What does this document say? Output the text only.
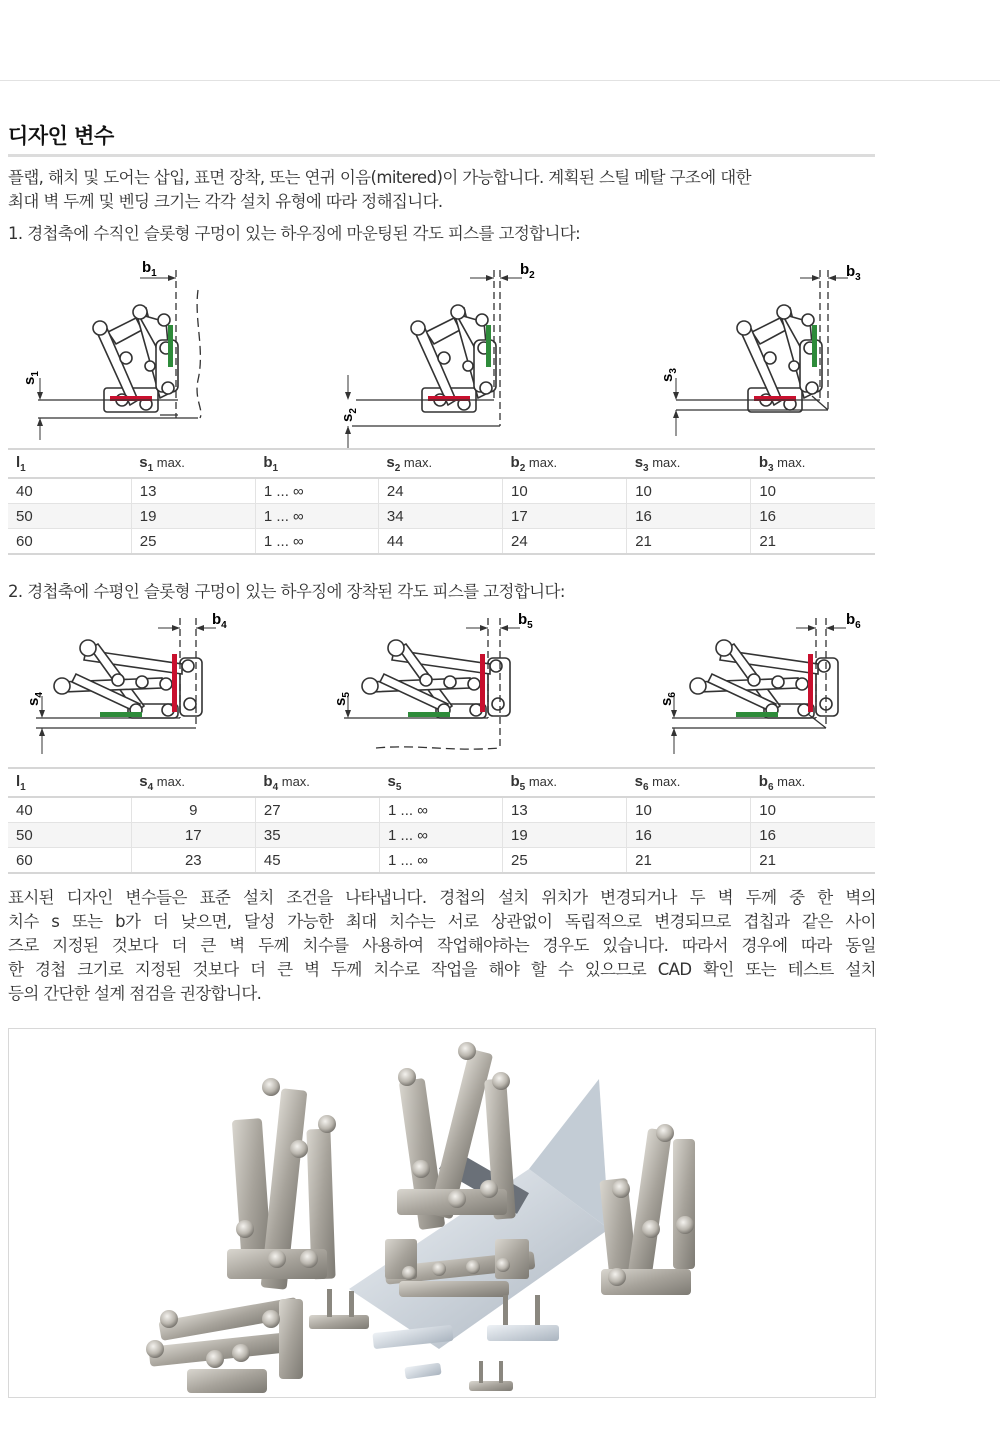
디자인 변수
플랩, 해치 및 도어는 삽입, 표면 장착, 또는 연귀 이음(mitered)이 가능합니다. 계획된 스틸 메탈 구조에 대한
최대 벽 두께 및 벤딩 크기는 각각 설치 유형에 따라 정해집니다.
1. 경첩축에 수직인 슬롯형 구멍이 있는 하우징에 마운팅된 각도 피스를 고정합니다:
$b_1$
$s_1$
$b_2$
$s_2$
$b_3$
$s_3$
$l_1$	$s_1$ max.	$b_1$	$s_2$ max.	$b_2$ max.	$s_3$ max.	$b_3$ max.
40	13	1 ... ∞	24	10	10	10
50	19	1 ... ∞	34	17	16	16
60	25	1 ... ∞	44	24	21	21
2. 경첩축에 수평인 슬롯형 구멍이 있는 하우징에 장착된 각도 피스를 고정합니다:
$b_4$
$s_4$
$b_5$
$s_5$
$b_6$
$s_6$
$l_1$	$s_4$ max.	$b_4$ max.	$s_5$	$b_5$ max.	$s_6$ max.	$b_6$ max.
40	9	27	1 ... ∞	13	10	10
50	17	35	1 ... ∞	19	16	16
60	23	45	1 ... ∞	25	21	21
표시된 디자인 변수들은 표준 설치 조건을 나타냅니다. 경첩의 설치 위치가 변경되거나 두 벽 두께 중 한 벽의
치수 s 또는 b가 더 낮으면, 달성 가능한 최대 치수는 서로 상관없이 독립적으로 변경되므로 겹칩과 같은 사이
즈로 지정된 것보다 더 큰 벽 두께 치수를 사용하여 작업해야하는 경우도 있습니다. 따라서 경우에 따라 동일
한 경첩 크기로 지정된 것보다 더 큰 벽 두께 치수로 작업을 해야 할 수 있으므로 CAD 확인 또는 테스트 설치
등의 간단한 설계 점검을 권장합니다.
